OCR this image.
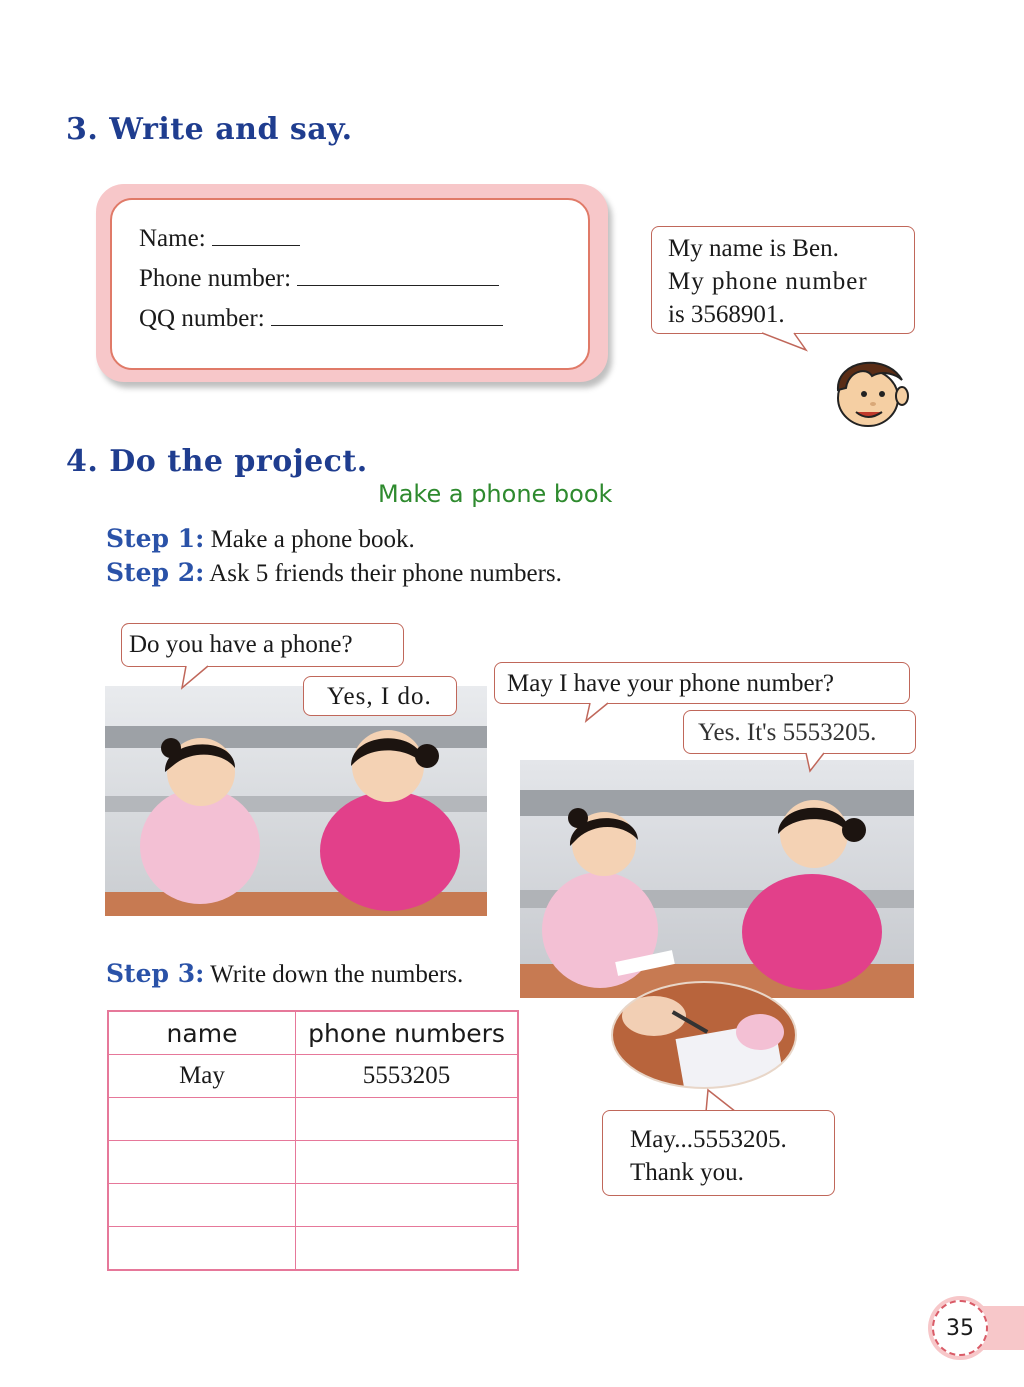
3. Write and say.
Name:
Phone number:
QQ number:
My name is Ben.
My phone number
is 3568901.
4. Do the project.
Make a phone book
Step 1: Make a phone book.
Step 2: Ask 5 friends their phone numbers.
Do you have a phone?
Yes, I do.	May I have your phone number?
Yes. It's 5553205.
Step 3: Write down the numbers.
name	phone numbers
May	5553205

May...5553205.
Thank you.
35
